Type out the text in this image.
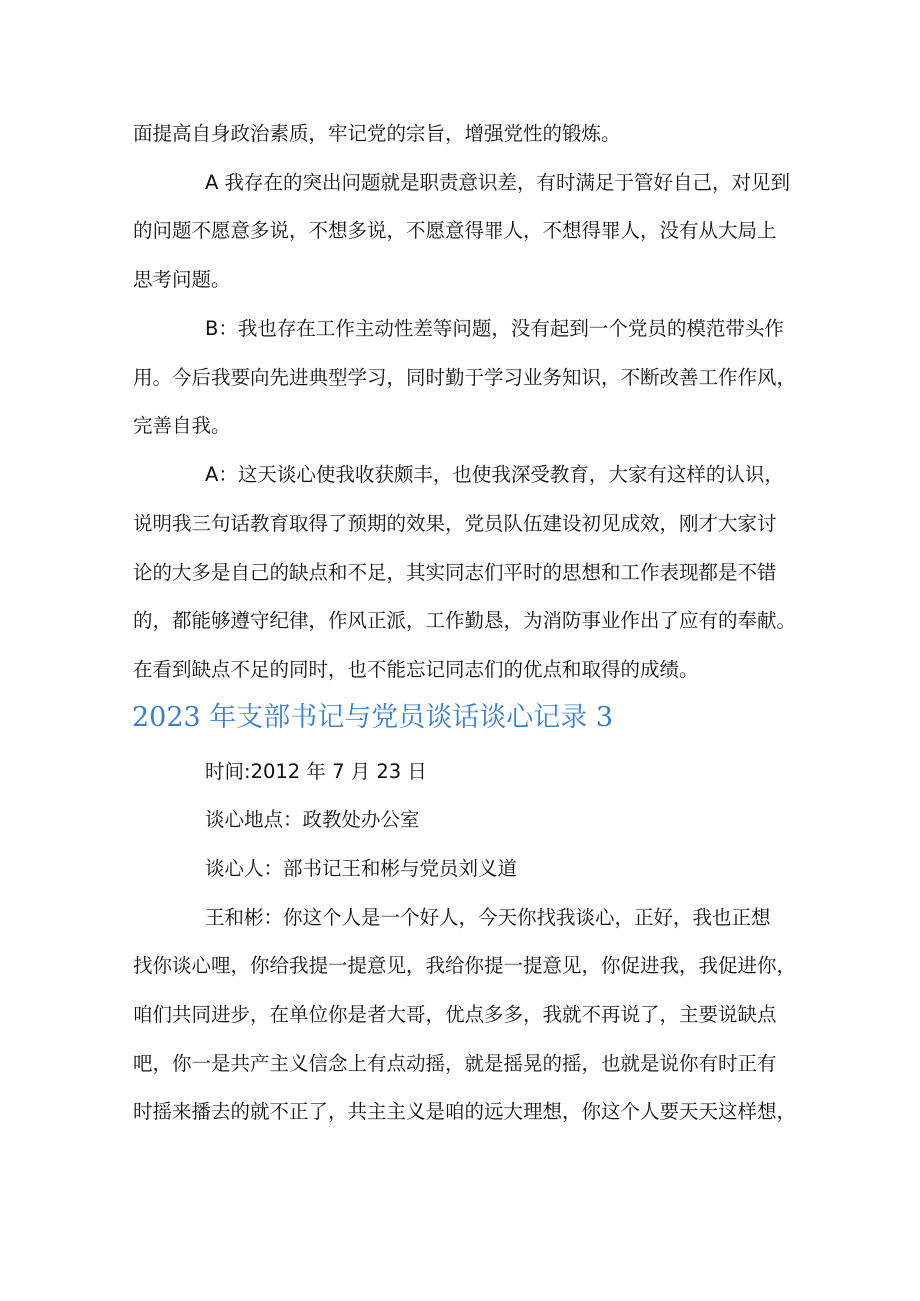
面提高自身政治素质，牢记党的宗旨，增强党性的锻炼。
A 我存在的突出问题就是职责意识差，有时满足于管好自己，对见到
的问题不愿意多说，不想多说，不愿意得罪人，不想得罪人，没有从大局上
思考问题。
B：我也存在工作主动性差等问题，没有起到一个党员的模范带头作
用。今后我要向先进典型学习，同时勤于学习业务知识，不断改善工作作风，
完善自我。
A：这天谈心使我收获颇丰，也使我深受教育，大家有这样的认识，
说明我三句话教育取得了预期的效果，党员队伍建设初见成效，刚才大家讨
论的大多是自己的缺点和不足，其实同志们平时的思想和工作表现都是不错
的，都能够遵守纪律，作风正派，工作勤恳，为消防事业作出了应有的奉献。
在看到缺点不足的同时，也不能忘记同志们的优点和取得的成绩。
2023 年支部书记与党员谈话谈心记录 3
时间:2012 年 7 月 23 日
谈心地点：政教处办公室
谈心人：部书记王和彬与党员刘义道
王和彬：你这个人是一个好人，今天你找我谈心，正好，我也正想
找你谈心哩，你给我提一提意见，我给你提一提意见，你促进我，我促进你，
咱们共同进步，在单位你是者大哥，优点多多，我就不再说了，主要说缺点
吧，你一是共产主义信念上有点动摇，就是摇晃的摇，也就是说你有时正有
时摇来播去的就不正了，共主主义是咱的远大理想，你这个人要天天这样想，
